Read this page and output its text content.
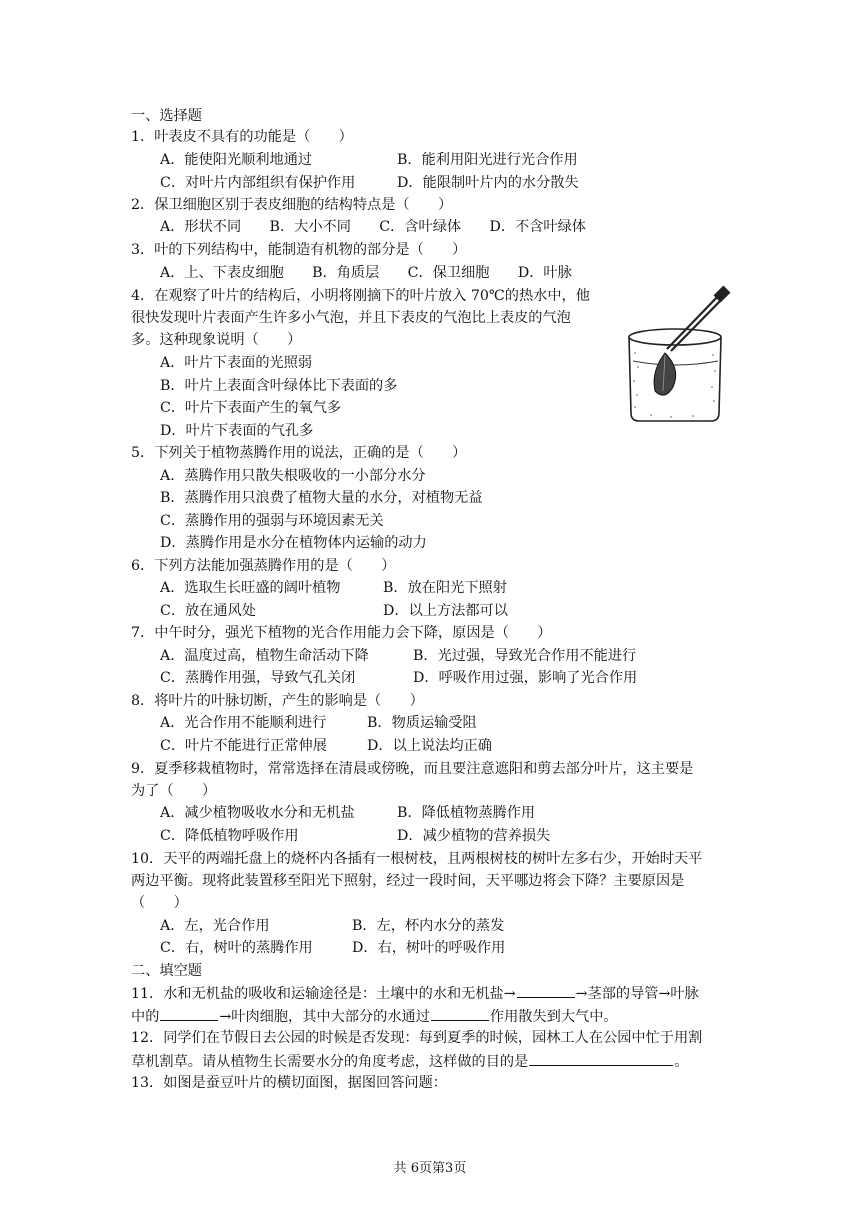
一、选择题
1．叶表皮不具有的功能是（　　）
A．能使阳光顺利地通过	B．能利用阳光进行光合作用
C．对叶片内部组织有保护作用	D．能限制叶片内的水分散失
2．保卫细胞区别于表皮细胞的结构特点是（　　）
A．形状不同　　B．大小不同　　C．含叶绿体　　D．不含叶绿体
3．叶的下列结构中，能制造有机物的部分是（　　）
A．上、下表皮细胞　　B．角质层　　C．保卫细胞　　D．叶脉
4．在观察了叶片的结构后，小明将刚摘下的叶片放入 70℃的热水中，他
很快发现叶片表面产生许多小气泡，并且下表皮的气泡比上表皮的气泡
多。这种现象说明（　　）
A．叶片下表面的光照弱
B．叶片上表面含叶绿体比下表面的多
C．叶片下表面产生的氧气多
D．叶片下表面的气孔多
5．下列关于植物蒸腾作用的说法，正确的是（　　）
A．蒸腾作用只散失根吸收的一小部分水分
B．蒸腾作用只浪费了植物大量的水分，对植物无益
C．蒸腾作用的强弱与环境因素无关
D．蒸腾作用是水分在植物体内运输的动力
6．下列方法能加强蒸腾作用的是（　　）
A．选取生长旺盛的阔叶植物	B．放在阳光下照射
C．放在通风处	D．以上方法都可以
7．中午时分，强光下植物的光合作用能力会下降，原因是（　　）
A．温度过高，植物生命活动下降	B．光过强，导致光合作用不能进行
C．蒸腾作用强，导致气孔关闭	D．呼吸作用过强，影响了光合作用
8．将叶片的叶脉切断，产生的影响是（　　）
A．光合作用不能顺利进行	B．物质运输受阻
C．叶片不能进行正常伸展	D．以上说法均正确
9．夏季移栽植物时，常常选择在清晨或傍晚，而且要注意遮阳和剪去部分叶片，这主要是
为了（　　）
A．减少植物吸收水分和无机盐	B．降低植物蒸腾作用
C．降低植物呼吸作用	D．减少植物的营养损失
10．天平的两端托盘上的烧杯内各插有一根树枝，且两根树枝的树叶左多右少，开始时天平
两边平衡。现将此装置移至阳光下照射，经过一段时间，天平哪边将会下降？主要原因是
（　　）
A．左，光合作用	B．左，杯内水分的蒸发
C．右，树叶的蒸腾作用	D．右，树叶的呼吸作用
二、填空题
11．水和无机盐的吸收和运输途径是：土壤中的水和无机盐→	→茎部的导管→叶脉
中的	→叶肉细胞，其中大部分的水通过	作用散失到大气中。
12．同学们在节假日去公园的时候是否发现：每到夏季的时候，园林工人在公园中忙于用割
草机割草。请从植物生长需要水分的角度考虑，这样做的目的是	。
13．如图是蚕豆叶片的横切面图，据图回答问题：
共 6页第3页
